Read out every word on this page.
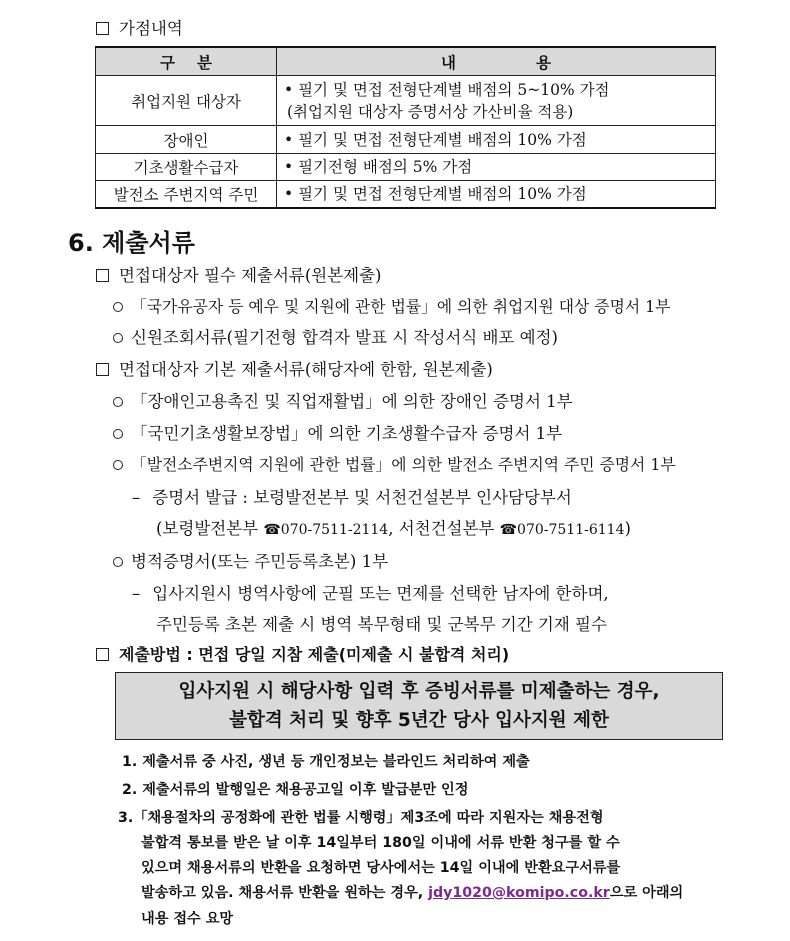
가점내역
구 분	내 용

취업지원 대상자	• 필기 및 면접 전형단계별 배점의 5~10% 가점
(취업지원 대상자 증명서상 가산비율 적용)

장애인	• 필기 및 면접 전형단계별 배점의 10% 가점
기초생활수급자	• 필기전형 배점의 5% 가점
발전소 주변지역 주민	• 필기 및 면접 전형단계별 배점의 10% 가점
6. 제출서류
면접대상자 필수 제출서류(원본제출)
「국가유공자 등 예우 및 지원에 관한 법률」에 의한 취업지원 대상 증명서 1부
신원조회서류(필기전형 합격자 발표 시 작성서식 배포 예정)
면접대상자 기본 제출서류(해당자에 한함, 원본제출)
「장애인고용촉진 및 직업재활법」에 의한 장애인 증명서 1부
「국민기초생활보장법」에 의한 기초생활수급자 증명서 1부
「발전소주변지역 지원에 관한 법률」에 의한 발전소 주변지역 주민 증명서 1부
– 증명서 발급 : 보령발전본부 및 서천건설본부 인사담당부서
(보령발전본부 ☎070-7511-2114, 서천건설본부 ☎070-7511-6114)
병적증명서(또는 주민등록초본) 1부
– 입사지원시 병역사항에 군필 또는 면제를 선택한 남자에 한하며,
주민등록 초본 제출 시 병역 복무형태 및 군복무 기간 기재 필수
제출방법 : 면접 당일 지참 제출(미제출 시 불합격 처리)
입사지원 시 해당사항 입력 후 증빙서류를 미제출하는 경우,
불합격 처리 및 향후 5년간 당사 입사지원 제한
1. 제출서류 중 사진, 생년 등 개인정보는 블라인드 처리하여 제출
2. 제출서류의 발행일은 채용공고일 이후 발급분만 인정
3.「채용절차의 공정화에 관한 법률 시행령」제3조에 따라 지원자는 채용전형
불합격 통보를 받은 날 이후 14일부터 180일 이내에 서류 반환 청구를 할 수
있으며 채용서류의 반환을 요청하면 당사에서는 14일 이내에 반환요구서류를
발송하고 있음. 채용서류 반환을 원하는 경우, jdy1020@komipo.co.kr으로 아래의
내용 접수 요망
